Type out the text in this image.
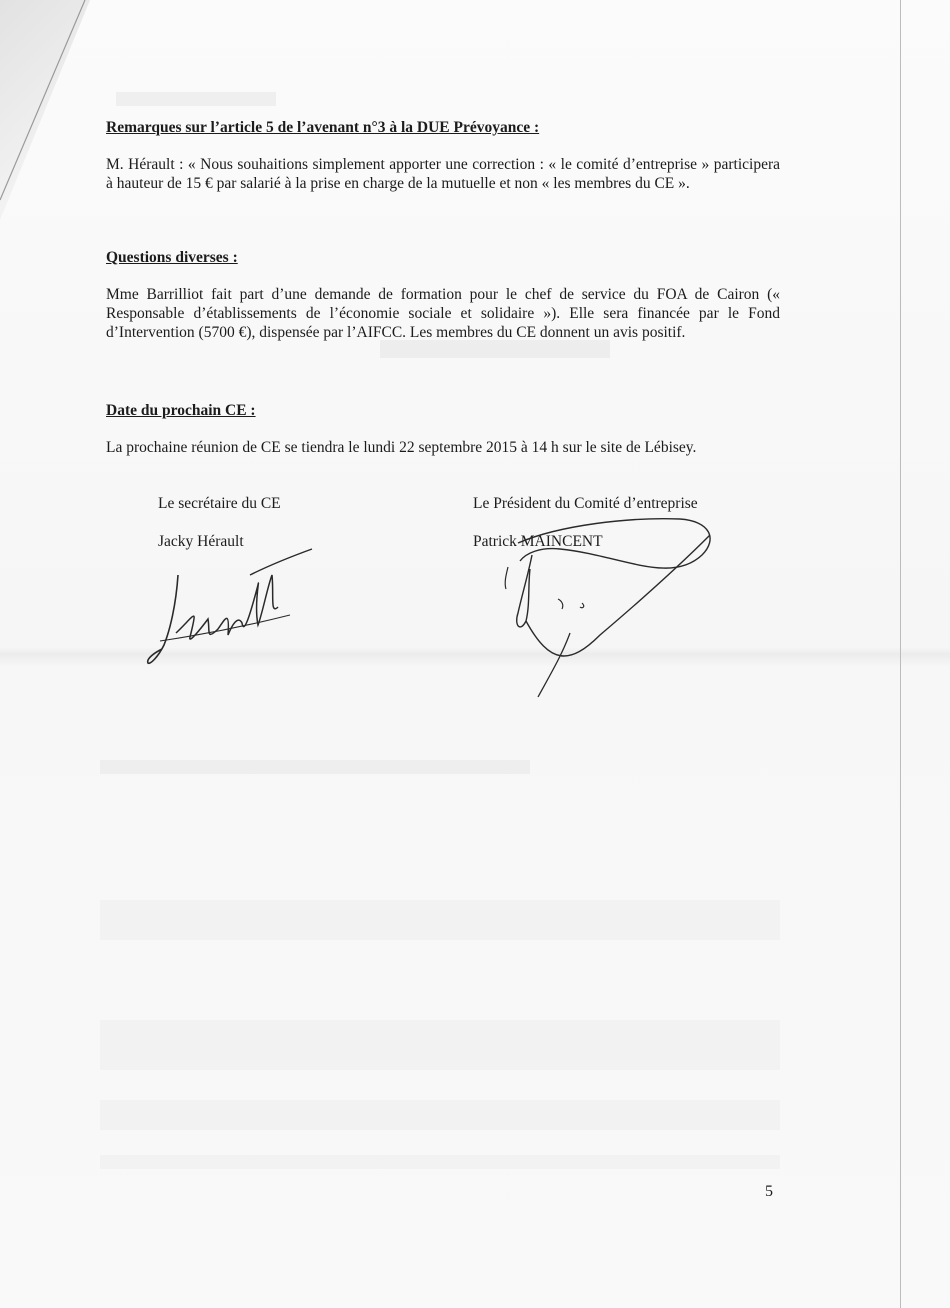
Remarques sur l’article 5 de l’avenant n°3 à la DUE Prévoyance :
M. Hérault : « Nous souhaitions simplement apporter une correction : « le comité d’entreprise » participera à hauteur de 15 € par salarié à la prise en charge de la mutuelle et non « les membres du CE ».
Questions diverses :
Mme Barrilliot fait part d’une demande de formation pour le chef de service du FOA de Cairon (« Responsable d’établissements de l’économie sociale et solidaire »). Elle sera financée par le Fond d’Intervention (5700 €), dispensée par l’AIFCC. Les membres du CE donnent un avis positif.
Date du prochain CE :
La prochaine réunion de CE se tiendra le lundi 22 septembre 2015 à 14 h sur le site de Lébisey.
Le secrétaire du CE
Jacky Hérault
Le Président du Comité d’entreprise
Patrick MAINCENT
5
